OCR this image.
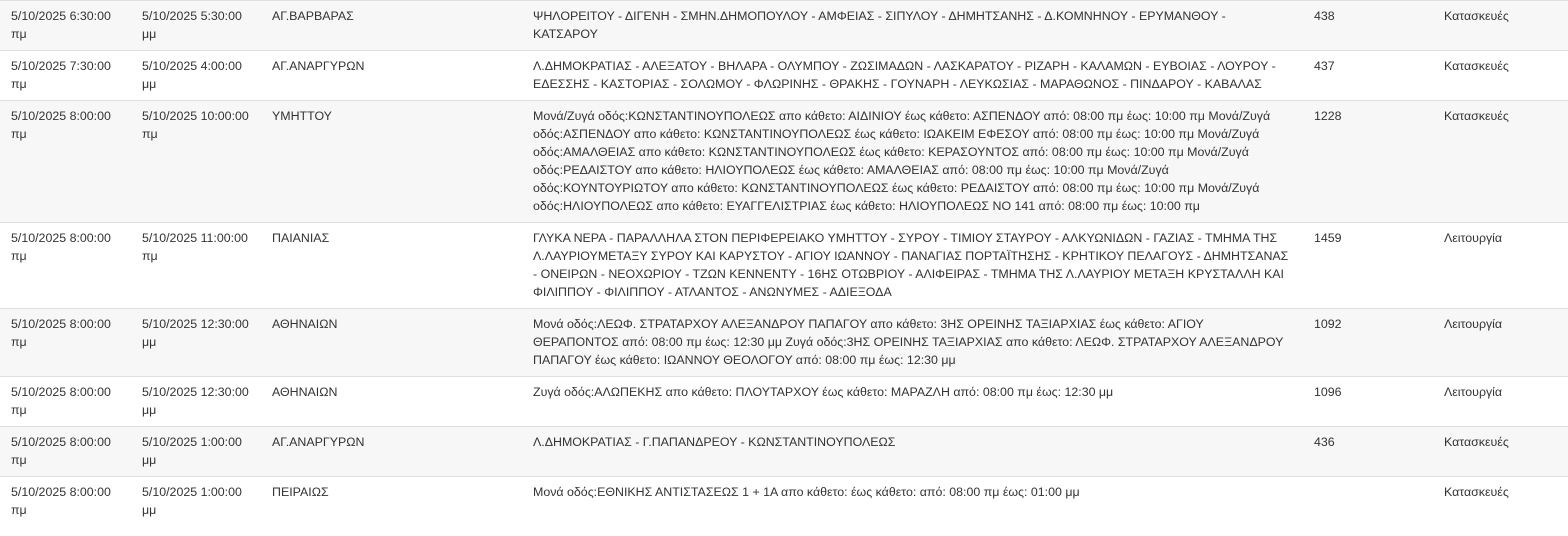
5/10/2025 6:30:00 πμ	5/10/2025 5:30:00 μμ	ΑΓ.ΒΑΡΒΑΡΑΣ	ΨΗΛΟΡΕΙΤΟΥ - ΔΙΓΕΝΗ - ΣΜΗΝ.ΔΗΜΟΠΟΥΛΟΥ - ΑΜΦΕΙΑΣ - ΣΙΠΥΛΟΥ - ΔΗΜΗΤΣΑΝΗΣ - Δ.ΚΟΜΝΗΝΟΥ - ΕΡΥΜΑΝΘΟΥ - ΚΑΤΣΑΡΟΥ	438	Κατασκευές
5/10/2025 7:30:00 πμ	5/10/2025 4:00:00 μμ	ΑΓ.ΑΝΑΡΓΥΡΩΝ	Λ.ΔΗΜΟΚΡΑΤΙΑΣ - ΑΛΕΞΑΤΟΥ - ΒΗΛΑΡΑ - ΟΛΥΜΠΟΥ - ΖΩΣΙΜΑΔΩΝ - ΛΑΣΚΑΡΑΤΟΥ - ΡΙΖΑΡΗ - ΚΑΛΑΜΩΝ - ΕΥΒΟΙΑΣ - ΛΟΥΡΟΥ - ΕΔΕΣΣΗΣ - ΚΑΣΤΟΡΙΑΣ - ΣΟΛΩΜΟΥ - ΦΛΩΡΙΝΗΣ - ΘΡΑΚΗΣ - ΓΟΥΝΑΡΗ - ΛΕΥΚΩΣΙΑΣ - ΜΑΡΑΘΩΝΟΣ - ΠΙΝΔΑΡΟΥ - ΚΑΒΑΛΑΣ	437	Κατασκευές
5/10/2025 8:00:00 πμ	5/10/2025 10:00:00 πμ	ΥΜΗΤΤΟΥ	Μονά/Ζυγά οδός:ΚΩΝΣΤΑΝΤΙΝΟΥΠΟΛΕΩΣ απο κάθετο: ΑΙΔΙΝΙΟΥ έως κάθετο: ΑΣΠΕΝΔΟΥ από: 08:00 πμ έως: 10:00 πμ Μονά/Ζυγά οδός:ΑΣΠΕΝΔΟΥ απο κάθετο: ΚΩΝΣΤΑΝΤΙΝΟΥΠΟΛΕΩΣ έως κάθετο: ΙΩΑΚΕΙΜ ΕΦΕΣΟΥ από: 08:00 πμ έως: 10:00 πμ Μονά/Ζυγά οδός:ΑΜΑΛΘΕΙΑΣ απο κάθετο: ΚΩΝΣΤΑΝΤΙΝΟΥΠΟΛΕΩΣ έως κάθετο: ΚΕΡΑΣΟΥΝΤΟΣ από: 08:00 πμ έως: 10:00 πμ Μονά/Ζυγά οδός:ΡΕΔΑΙΣΤΟΥ απο κάθετο: ΗΛΙΟΥΠΟΛΕΩΣ έως κάθετο: ΑΜΑΛΘΕΙΑΣ από: 08:00 πμ έως: 10:00 πμ Μονά/Ζυγά οδός:ΚΟΥΝΤΟΥΡΙΩΤΟΥ απο κάθετο: ΚΩΝΣΤΑΝΤΙΝΟΥΠΟΛΕΩΣ έως κάθετο: ΡΕΔΑΙΣΤΟΥ από: 08:00 πμ έως: 10:00 πμ Μονά/Ζυγά οδός:ΗΛΙΟΥΠΟΛΕΩΣ απο κάθετο: ΕΥΑΓΓΕΛΙΣΤΡΙΑΣ έως κάθετο: ΗΛΙΟΥΠΟΛΕΩΣ ΝΟ 141 από: 08:00 πμ έως: 10:00 πμ	1228	Κατασκευές
5/10/2025 8:00:00 πμ	5/10/2025 11:00:00 πμ	ΠΑΙΑΝΙΑΣ	ΓΛΥΚΑ ΝΕΡΑ - ΠΑΡΑΛΛΗΛΑ ΣΤΟΝ ΠΕΡΙΦΕΡΕΙΑΚΟ ΥΜΗΤΤΟΥ - ΣΥΡΟΥ - ΤΙΜΙΟΥ ΣΤΑΥΡΟΥ - ΑΛΚΥΩΝΙΔΩΝ - ΓΑΖΙΑΣ - ΤΜΗΜΑ ΤΗΣ Λ.ΛΑΥΡΙΟΥΜΕΤΑΞΥ ΣΥΡΟΥ ΚΑΙ ΚΑΡΥΣΤΟΥ - ΑΓΙΟΥ ΙΩΑΝΝΟΥ - ΠΑΝΑΓΙΑΣ ΠΟΡΤΑΪΤΗΣΗΣ - ΚΡΗΤΙΚΟΥ ΠΕΛΑΓΟΥΣ - ΔΗΜΗΤΣΑΝΑΣ - ΟΝΕΙΡΩΝ - ΝΕΟΧΩΡΙΟΥ - ΤΖΩΝ ΚΕΝΝΕΝΤΥ - 16ΗΣ ΟΤΩΒΡΙΟΥ - ΑΛΙΦΕΙΡΑΣ - ΤΜΗΜΑ ΤΗΣ Λ.ΛΑΥΡΙΟΥ ΜΕΤΑΞΗ ΚΡΥΣΤΑΛΛΗ ΚΑΙ ΦΙΛΙΠΠΟΥ - ΦΙΛΙΠΠΟΥ - ΑΤΛΑΝΤΟΣ - ΑΝΩΝΥΜΕΣ - ΑΔΙΕΞΟΔΑ	1459	Λειτουργία
5/10/2025 8:00:00 πμ	5/10/2025 12:30:00 μμ	ΑΘΗΝΑΙΩΝ	Μονά οδός:ΛΕΩΦ. ΣΤΡΑΤΑΡΧΟΥ ΑΛΕΞΑΝΔΡΟΥ ΠΑΠΑΓΟΥ απο κάθετο: 3ΗΣ ΟΡΕΙΝΗΣ ΤΑΞΙΑΡΧΙΑΣ έως κάθετο: ΑΓΙΟΥ ΘΕΡΑΠΟΝΤΟΣ από: 08:00 πμ έως: 12:30 μμ Ζυγά οδός:3ΗΣ ΟΡΕΙΝΗΣ ΤΑΞΙΑΡΧΙΑΣ απο κάθετο: ΛΕΩΦ. ΣΤΡΑΤΑΡΧΟΥ ΑΛΕΞΑΝΔΡΟΥ ΠΑΠΑΓΟΥ έως κάθετο: ΙΩΑΝΝΟΥ ΘΕΟΛΟΓΟΥ από: 08:00 πμ έως: 12:30 μμ	1092	Λειτουργία
5/10/2025 8:00:00 πμ	5/10/2025 12:30:00 μμ	ΑΘΗΝΑΙΩΝ	Ζυγά οδός:ΑΛΩΠΕΚΗΣ απο κάθετο: ΠΛΟΥΤΑΡΧΟΥ έως κάθετο: ΜΑΡΑΖΛΗ από: 08:00 πμ έως: 12:30 μμ	1096	Λειτουργία
5/10/2025 8:00:00 πμ	5/10/2025 1:00:00 μμ	ΑΓ.ΑΝΑΡΓΥΡΩΝ	Λ.ΔΗΜΟΚΡΑΤΙΑΣ - Γ.ΠΑΠΑΝΔΡΕΟΥ - ΚΩΝΣΤΑΝΤΙΝΟΥΠΟΛΕΩΣ	436	Κατασκευές
5/10/2025 8:00:00 πμ	5/10/2025 1:00:00 μμ	ΠΕΙΡΑΙΩΣ	Μονά οδός:ΕΘΝΙΚΗΣ ΑΝΤΙΣΤΑΣΕΩΣ 1 + 1Α απο κάθετο: έως κάθετο: από: 08:00 πμ έως: 01:00 μμ		Κατασκευές
